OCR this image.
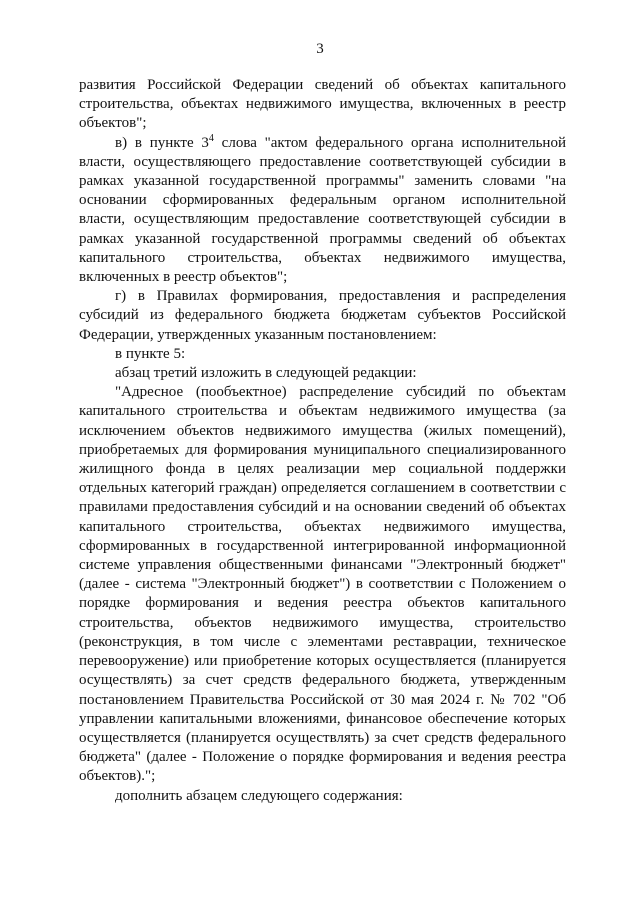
3

развития Российской Федерации сведений об объектах капитального строительства, объектах недвижимого имущества, включенных в реестр объектов";

в) в пункте $3^4$ слова "актом федерального органа исполнительной власти, осуществляющего предоставление соответствующей субсидии в рамках указанной государственной программы" заменить словами "на основании сформированных федеральным органом исполнительной власти, осуществляющим предоставление соответствующей субсидии в рамках указанной государственной программы сведений об объектах капитального строительства, объектах недвижимого имущества, включенных в реестр объектов";

г) в Правилах формирования, предоставления и распределения субсидий из федерального бюджета бюджетам субъектов Российской Федерации, утвержденных указанным постановлением:

в пункте 5:

абзац третий изложить в следующей редакции:

"Адресное (пообъектное) распределение субсидий по объектам капитального строительства и объектам недвижимого имущества (за исключением объектов недвижимого имущества (жилых помещений), приобретаемых для формирования муниципального специализированного жилищного фонда в целях реализации мер социальной поддержки отдельных категорий граждан) определяется соглашением в соответствии с правилами предоставления субсидий и на основании сведений об объектах капитального строительства, объектах недвижимого имущества, сформированных в государственной интегрированной информационной системе управления общественными финансами "Электронный бюджет" (далее - система "Электронный бюджет") в соответствии с Положением о порядке формирования и ведения реестра объектов капитального строительства, объектов недвижимого имущества, строительство (реконструкция, в том числе с элементами реставрации, техническое перевооружение) или приобретение которых осуществляется (планируется осуществлять) за счет средств федерального бюджета, утвержденным постановлением Правительства Российской от 30 мая 2024 г. № 702 "Об управлении капитальными вложениями, финансовое обеспечение которых осуществляется (планируется осуществлять) за счет средств федерального бюджета" (далее - Положение о порядке формирования и ведения реестра объектов).";

дополнить абзацем следующего содержания:
